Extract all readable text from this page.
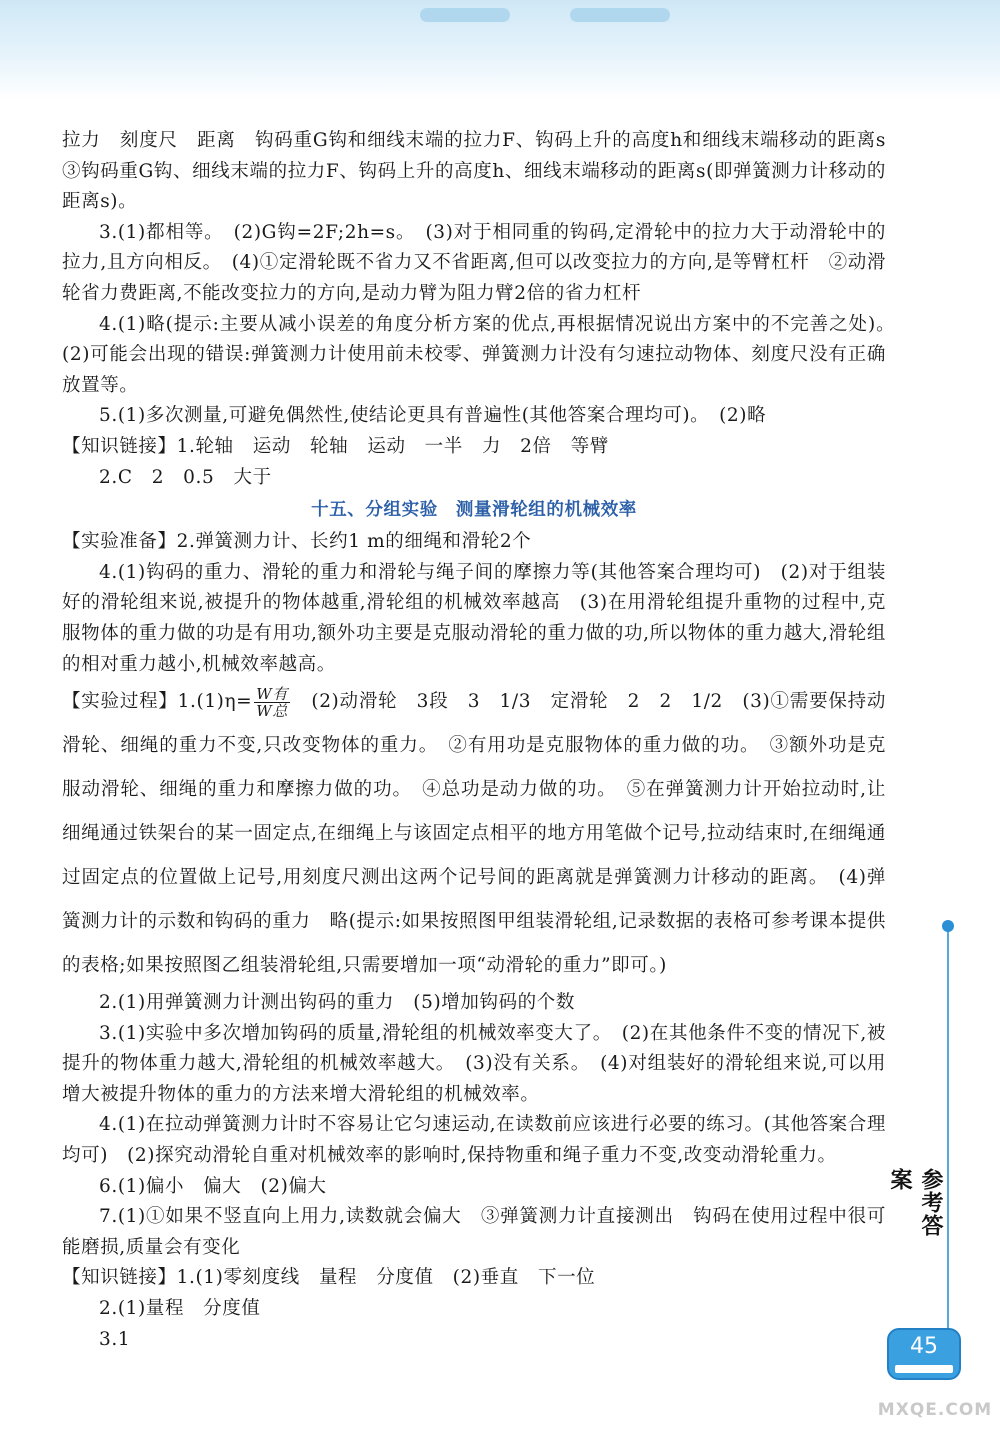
拉力　刻度尺　距离　钩码重G钩和细线末端的拉力F、钩码上升的高度h和细线末端移动的距离s　③钩码重G钩、细线末端的拉力F、钩码上升的高度h、细线末端移动的距离s(即弹簧测力计移动的距离s)。

3.(1)都相等。　(2)G钩=2F;2h=s。　(3)对于相同重的钩码,定滑轮中的拉力大于动滑轮中的拉力,且方向相反。　(4)①定滑轮既不省力又不省距离,但可以改变拉力的方向,是等臂杠杆　②动滑轮省力费距离,不能改变拉力的方向,是动力臂为阻力臂2倍的省力杠杆

4.(1)略(提示:主要从减小误差的角度分析方案的优点,再根据情况说出方案中的不完善之处)。　(2)可能会出现的错误:弹簧测力计使用前未校零、弹簧测力计没有匀速拉动物体、刻度尺没有正确放置等。

5.(1)多次测量,可避免偶然性,使结论更具有普遍性(其他答案合理均可)。　(2)略

【知识链接】1.轮轴　运动　轮轴　运动　一半　力　2倍　等臂

2.C　2　0.5　大于

十五、分组实验　测量滑轮组的机械效率

【实验准备】2.弹簧测力计、长约1 m的细绳和滑轮2个

4.(1)钩码的重力、滑轮的重力和滑轮与绳子间的摩擦力等(其他答案合理均可)　(2)对于组装好的滑轮组来说,被提升的物体越重,滑轮组的机械效率越高　(3)在用滑轮组提升重物的过程中,克服物体的重力做的功是有用功,额外功主要是克服动滑轮的重力做的功,所以物体的重力越大,滑轮组的相对重力越小,机械效率越高。

【实验过程】$1.(1)\eta= \frac{\text{W有}}{\text{W总}}$ 　(2)动滑轮　3段　3　1/3　定滑轮　2　2　1/2　(3)①需要保持动滑轮、细绳的重力不变,只改变物体的重力。　②有用功是克服物体的重力做的功。　③额外功是克服动滑轮、细绳的重力和摩擦力做的功。　④总功是动力做的功。　⑤在弹簧测力计开始拉动时,让细绳通过铁架台的某一固定点,在细绳上与该固定点相平的地方用笔做个记号,拉动结束时,在细绳通过固定点的位置做上记号,用刻度尺测出这两个记号间的距离就是弹簧测力计移动的距离。　(4)弹簧测力计的示数和钩码的重力　略(提示:如果按照图甲组装滑轮组,记录数据的表格可参考课本提供的表格;如果按照图乙组装滑轮组,只需要增加一项“动滑轮的重力”即可。)

2.(1)用弹簧测力计测出钩码的重力　(5)增加钩码的个数

3.(1)实验中多次增加钩码的质量,滑轮组的机械效率变大了。　(2)在其他条件不变的情况下,被提升的物体重力越大,滑轮组的机械效率越大。　(3)没有关系。　(4)对组装好的滑轮组来说,可以用增大被提升物体的重力的方法来增大滑轮组的机械效率。

4.(1)在拉动弹簧测力计时不容易让它匀速运动,在读数前应该进行必要的练习。(其他答案合理均可)　(2)探究动滑轮自重对机械效率的影响时,保持物重和绳子重力不变,改变动滑轮重力。

6.(1)偏小　偏大　(2)偏大

7.(1)①如果不竖直向上用力,读数就会偏大　③弹簧测力计直接测出　钩码在使用过程中很可能磨损,质量会有变化

【知识链接】1.(1)零刻度线　量程　分度值　(2)垂直　下一位

2.(1)量程　分度值

3.1

参考答案
45
MXQE.COM
